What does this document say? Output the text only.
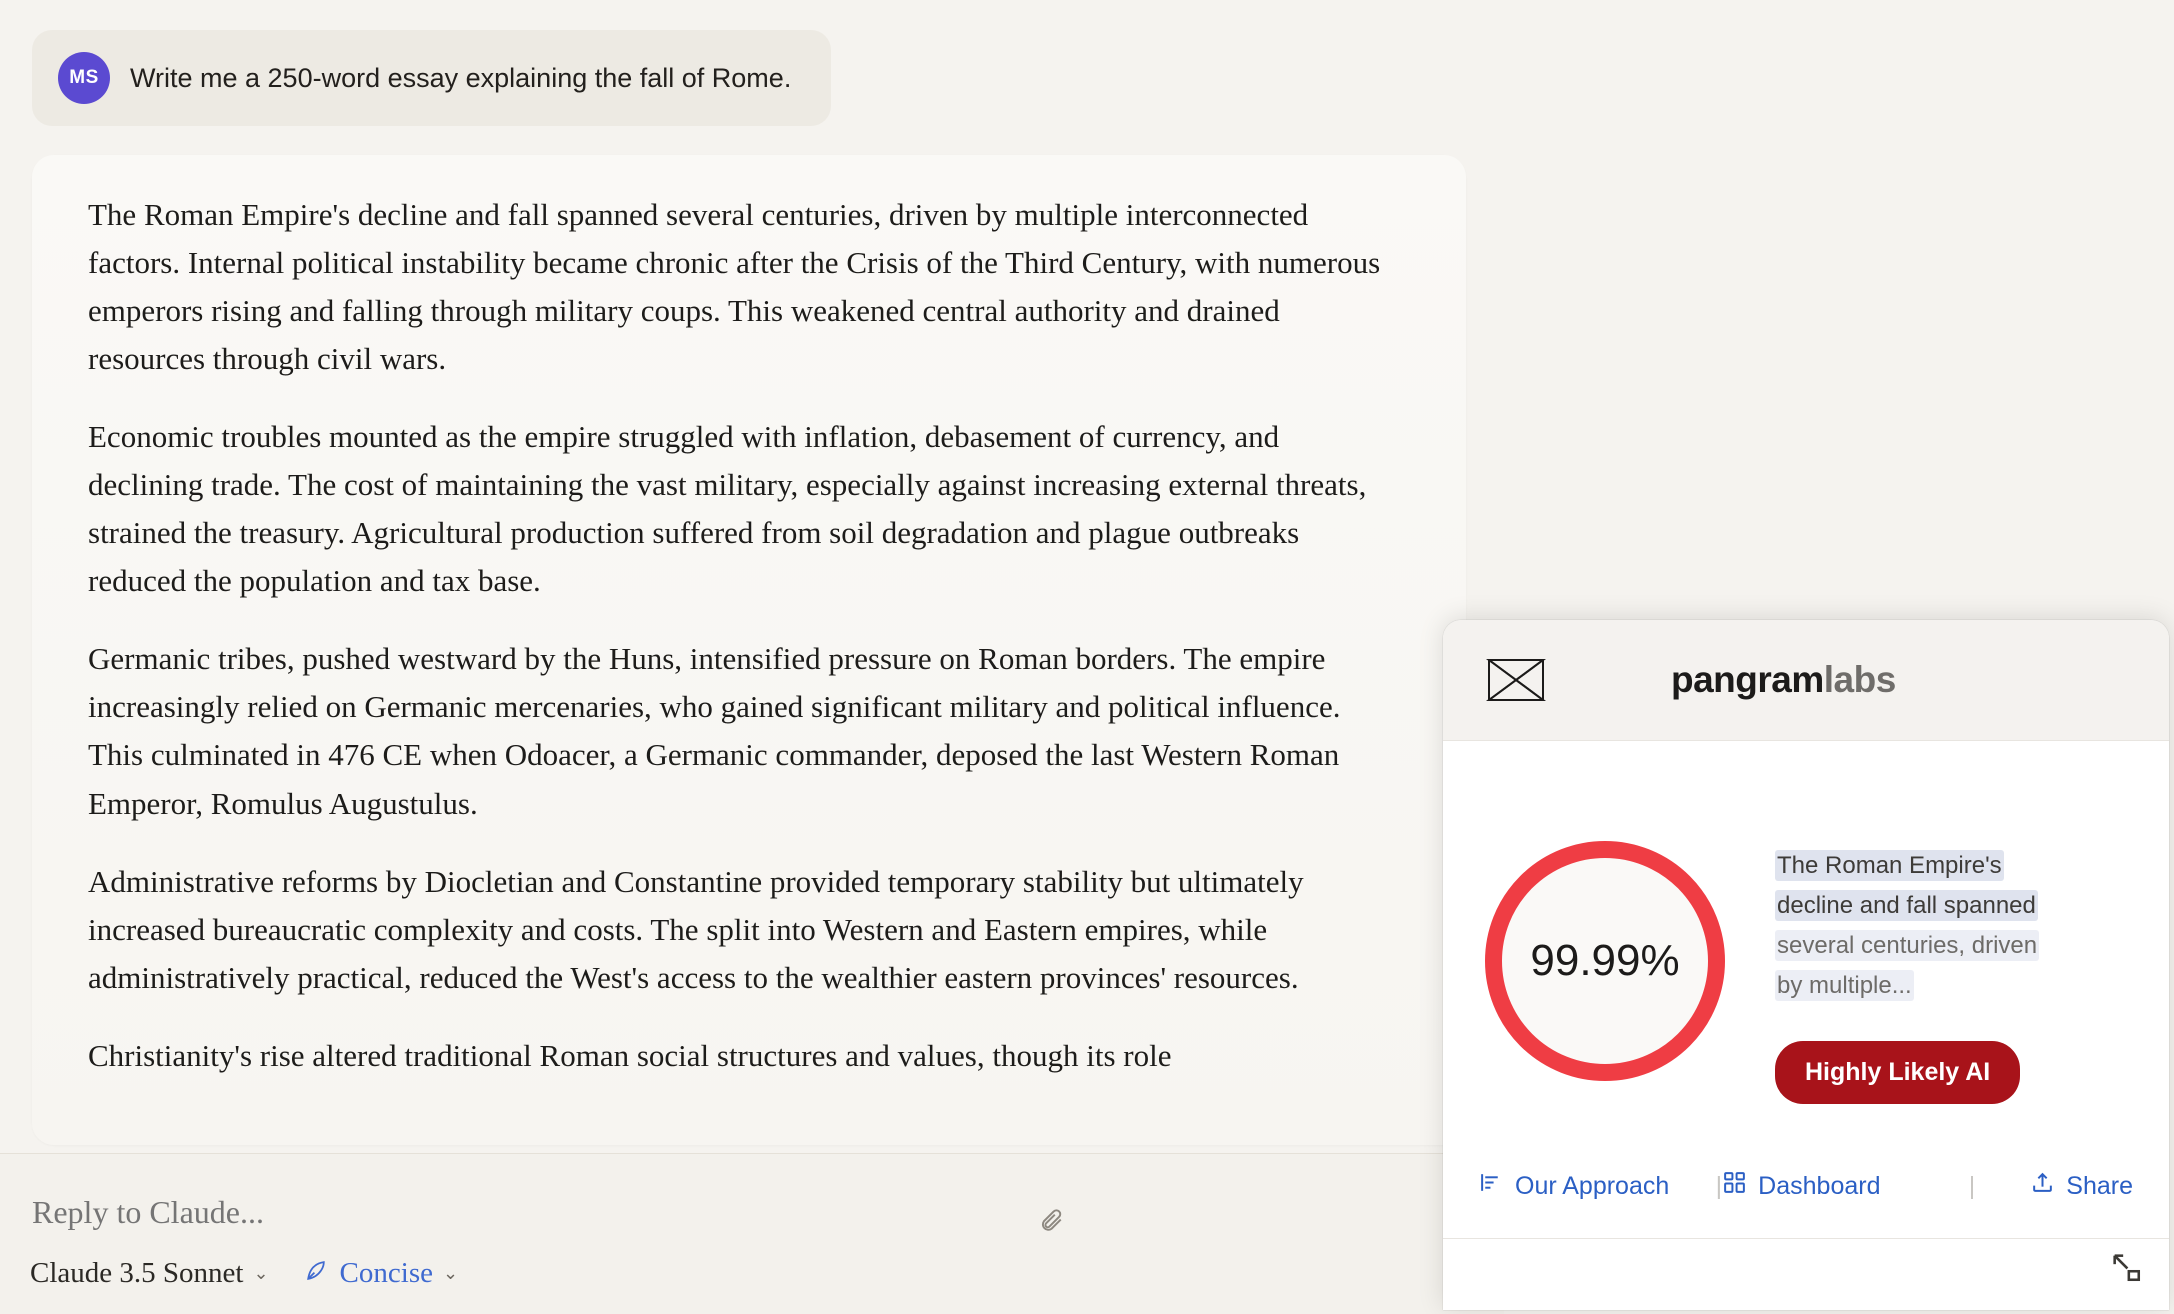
MS	Write me a 250-word essay explaining the fall of Rome.

The Roman Empire's decline and fall spanned several centuries, driven by multiple interconnected factors. Internal political instability became chronic after the Crisis of the Third Century, with numerous emperors rising and falling through military coups. This weakened central authority and drained resources through civil wars.

Economic troubles mounted as the empire struggled with inflation, debasement of currency, and declining trade. The cost of maintaining the vast military, especially against increasing external threats, strained the treasury. Agricultural production suffered from soil degradation and plague outbreaks reduced the population and tax base.

Germanic tribes, pushed westward by the Huns, intensified pressure on Roman borders. The empire increasingly relied on Germanic mercenaries, who gained significant military and political influence. This culminated in 476 CE when Odoacer, a Germanic commander, deposed the last Western Roman Emperor, Romulus Augustulus.

Administrative reforms by Diocletian and Constantine provided temporary stability but ultimately increased bureaucratic complexity and costs. The split into Western and Eastern empires, while administratively practical, reduced the West's access to the wealthier eastern provinces' resources.

Christianity's rise altered traditional Roman social structures and values, though its role

Reply to Claude...
Claude 3.5 Sonnet ⌄ Concise ⌄
pangramlabs
99.99%
The Roman Empire's
decline and fall spanned
several centuries, driven
by multiple...
Highly Likely AI
Our Approach | Dashboard	|	Share
